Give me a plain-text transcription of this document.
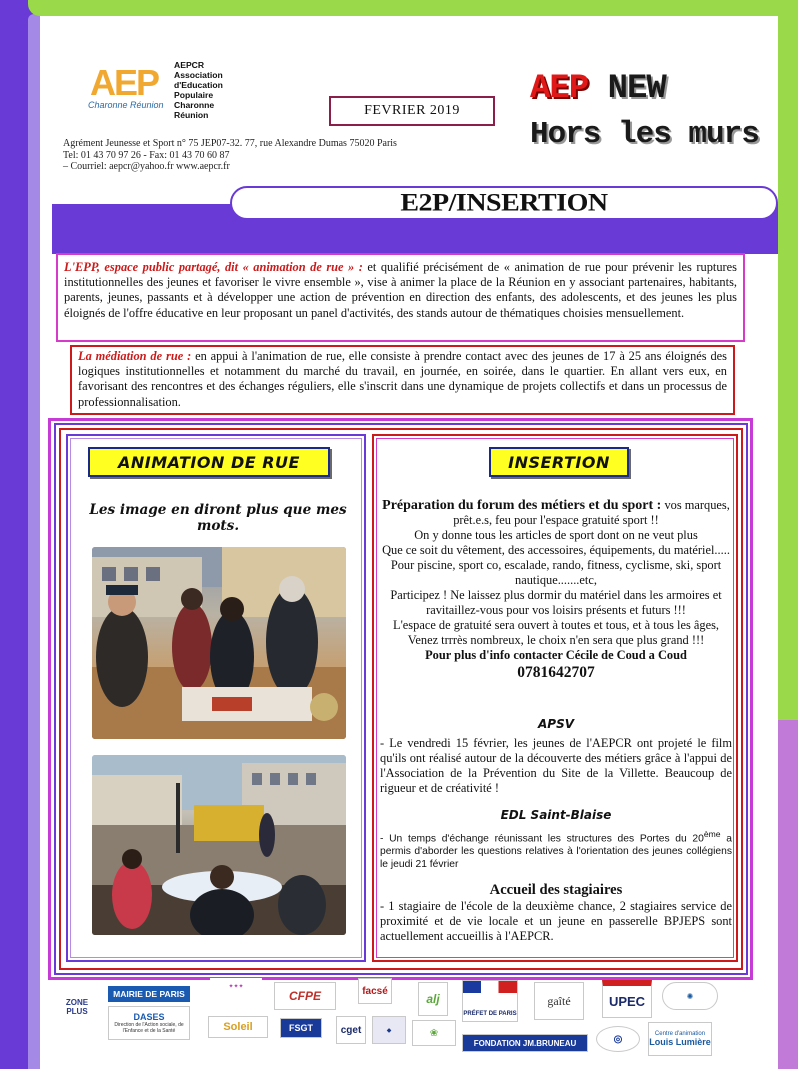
AEP
Charonne Réunion
AEPCR
Association
d'Education
Populaire
Charonne
Réunion	FEVRIER 2019
AEP NEW
Hors les murs
Agrément Jeunesse et Sport n° 75 JEP07-32. 77, rue Alexandre Dumas 75020 Paris
Tel: 01 43 70 97 26 - Fax: 01 43 70 60 87
– Courriel: aepcr@yahoo.fr www.aepcr.fr
E2P/INSERTION
L'EPP, espace public partagé, dit « animation de rue » : et qualifié précisément de « animation de rue pour prévenir les ruptures institutionnelles des jeunes et favoriser le vivre ensemble », vise à animer la place de la Réunion en y associant partenaires, habitants, parents, jeunes, passants et à développer une action de prévention en direction des enfants, des adolescents, et des jeunes les plus éloignés de l'offre éducative en leur proposant un panel d'activités, des stands autour de thématiques choisies mensuellement.
La médiation de rue : en appui à l'animation de rue, elle consiste à prendre contact avec des jeunes de 17 à 25 ans éloignés des logiques institutionnelles et notamment du marché du travail, en journée, en soirée, dans le quartier. En allant vers eux, en favorisant des rencontres et des échanges réguliers, elle s'inscrit dans une dynamique de projets collectifs et dans un processus de professionnalisation.
ANIMATION DE RUE
Les image en diront plus que mes mots.
INSERTION
Préparation du forum des métiers et du sport : vos marques, prêt.e.s, feu pour l'espace gratuité sport !!
On y donne tous les articles de sport dont on ne veut plus
Que ce soit du vêtement, des accessoires, équipements, du matériel.....
Pour piscine, sport co, escalade, rando, fitness, cyclisme, ski, sport nautique.......etc,
Participez ! Ne laissez plus dormir du matériel dans les armoires et ravitaillez-vous pour vos loisirs présents et futurs !!!
L'espace de gratuité sera ouvert à toutes et tous, et à tous les âges,
Venez trrrès nombreux, le choix n'en sera que plus grand !!!
Pour plus d'info contacter Cécile de Coud a Coud
0781642707
APSV
- Le vendredi 15 février, les jeunes de l'AEPCR ont projeté le film qu'ils ont réalisé autour de la découverte des métiers grâce à l'appui de l'Association de la Prévention du Site de la Villette. Beaucoup de rigueur et de créativité !
EDL Saint-Blaise
- Un temps d'échange réunissant les structures des Portes du 20ème a permis d'aborder les questions relatives à l'orientation des jeunes collégiens le jeudi 21 février
Accueil des stagiaires
- 1 stagiaire de l'école de la deuxième chance, 2 stagiaires service de proximité et de vie locale et un jeune en passerelle BPJEPS sont actuellement accueillis à l'AEPCR.
ZONE PLUS
MAIRIE DE PARIS
DASES
Direction de l'Action sociale, de l'Enfance et de la Santé
✦✦✦
Soleil
CFPE
FSGT
facsé
cget	◆
alj
❀
PRÉFET DE PARIS
FONDATION JM.BRUNEAU
gaîté	UPEC
◎
✺
Centre d'animation
Louis Lumière
